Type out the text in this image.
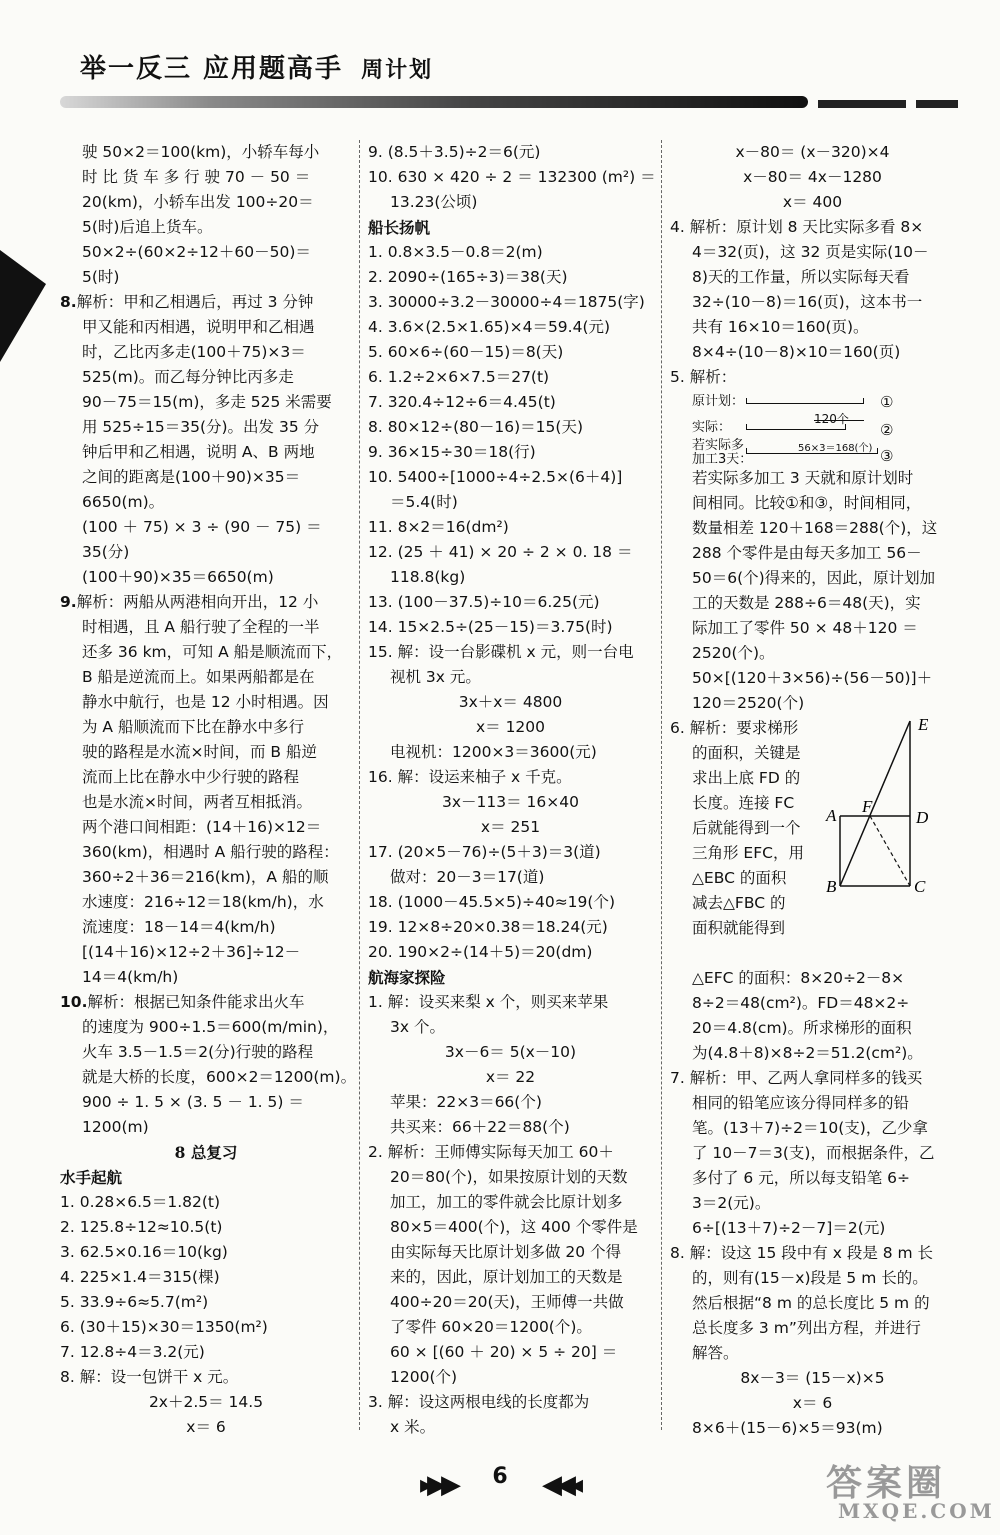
举一反三 应用题高手 周计划
驶 50×2＝100(km)，小轿车每小
时 比 货 车 多 行 驶 70 － 50 ＝
20(km)，小轿车出发 100÷20＝
5(时)后追上货车。
50×2÷(60×2÷12＋60－50)＝
5(时)
8.解析：甲和乙相遇后，再过 3 分钟
甲又能和丙相遇，说明甲和乙相遇
时，乙比丙多走(100＋75)×3＝
525(m)。而乙每分钟比丙多走
90－75＝15(m)，多走 525 米需要
用 525÷15＝35(分)。出发 35 分
钟后甲和乙相遇，说明 A、B 两地
之间的距离是(100＋90)×35＝
6650(m)。
(100 ＋ 75) × 3 ÷ (90 － 75) ＝
35(分)
(100＋90)×35＝6650(m)
9.解析：两船从两港相向开出，12 小
时相遇，且 A 船行驶了全程的一半
还多 36 km，可知 A 船是顺流而下，
B 船是逆流而上。如果两船都是在
静水中航行，也是 12 小时相遇。因
为 A 船顺流而下比在静水中多行
驶的路程是水流×时间，而 B 船逆
流而上比在静水中少行驶的路程
也是水流×时间，两者互相抵消。
两个港口间相距：(14＋16)×12＝
360(km)，相遇时 A 船行驶的路程：
360÷2＋36＝216(km)，A 船的顺
水速度：216÷12＝18(km/h)，水
流速度：18－14＝4(km/h)
[(14＋16)×12÷2＋36]÷12－
14＝4(km/h)
10.解析：根据已知条件能求出火车
的速度为 900÷1.5＝600(m/min)，
火车 3.5－1.5＝2(分)行驶的路程
就是大桥的长度，600×2＝1200(m)。
900 ÷ 1. 5 × (3. 5 － 1. 5) ＝
1200(m)
8 总复习
水手起航
1. 0.28×6.5＝1.82(t)
2. 125.8÷12≈10.5(t)
3. 62.5×0.16＝10(kg)
4. 225×1.4＝315(棵)
5. 33.9÷6≈5.7(m²)
6. (30＋15)×30＝1350(m²)
7. 12.8÷4＝3.2(元)
8. 解：设一包饼干 x 元。
2x＋2.5＝ 14.5
x＝ 6
9. (8.5＋3.5)÷2＝6(元)
10. 630 × 420 ÷ 2 ＝ 132300 (m²) ＝
13.23(公顷)
船长扬帆
1. 0.8×3.5－0.8＝2(m)
2. 2090÷(165÷3)＝38(天)
3. 30000÷3.2－30000÷4＝1875(字)
4. 3.6×(2.5×1.65)×4＝59.4(元)
5. 60×6÷(60－15)＝8(天)
6. 1.2÷2×6×7.5＝27(t)
7. 320.4÷12÷6＝4.45(t)
8. 80×12÷(80－16)＝15(天)
9. 36×15÷30＝18(行)
10. 5400÷[1000÷4÷2.5×(6＋4)]
＝5.4(时)
11. 8×2＝16(dm²)
12. (25 ＋ 41) × 20 ÷ 2 × 0. 18 ＝
118.8(kg)
13. (100－37.5)÷10＝6.25(元)
14. 15×2.5÷(25－15)＝3.75(时)
15. 解：设一台影碟机 x 元，则一台电
视机 3x 元。
3x＋x＝ 4800
x＝ 1200
电视机：1200×3＝3600(元)
16. 解：设运来柚子 x 千克。
3x－113＝ 16×40
x＝ 251
17. (20×5－76)÷(5＋3)＝3(道)
做对：20－3＝17(道)
18. (1000－45.5×5)÷40≈19(个)
19. 12×8÷20×0.38＝18.24(元)
20. 190×2÷(14＋5)＝20(dm)
航海家探险
1. 解：设买来梨 x 个，则买来苹果
3x 个。
3x－6＝ 5(x－10)
x＝ 22
苹果：22×3＝66(个)
共买来：66＋22＝88(个)
2. 解析：王师傅实际每天加工 60＋
20＝80(个)，如果按原计划的天数
加工，加工的零件就会比原计划多
80×5＝400(个)，这 400 个零件是
由实际每天比原计划多做 20 个得
来的，因此，原计划加工的天数是
400÷20＝20(天)，王师傅一共做
了零件 60×20＝1200(个)。
60 × [(60 ＋ 20) × 5 ÷ 20] ＝
1200(个)
3. 解：设这两根电线的长度都为
x 米。
x－80＝ (x－320)×4
x－80＝ 4x－1280
x＝ 400
4. 解析：原计划 8 天比实际多看 8×
4＝32(页)，这 32 页是实际(10－
8)天的工作量，所以实际每天看
32÷(10－8)＝16(页)，这本书一
共有 16×10＝160(页)。
8×4÷(10－8)×10＝160(页)
5. 解析：
原计划：	①
120个
实际：	②
若实际多	56×3＝168(个)
加工3天：	③
若实际多加工 3 天就和原计划时
间相同。比较①和③，时间相同，
数量相差 120＋168＝288(个)，这
288 个零件是由每天多加工 56－
50＝6(个)得来的，因此，原计划加
工的天数是 288÷6＝48(天)，实
际加工了零件 50 × 48＋120 ＝
2520(个)。
50×[(120＋3×56)÷(56－50)]＋
120＝2520(个)
6. 解析：要求梯形
的面积，关键是
求出上底 FD 的
长度。连接 FC
后就能得到一个
三角形 EFC，用
△EBC 的面积
减去△FBC 的
面积就能得到
E
A F
D
B	C
△EFC 的面积：8×20÷2－8×
8÷2＝48(cm²)。FD＝48×2÷
20＝4.8(cm)。所求梯形的面积
为(4.8＋8)×8÷2＝51.2(cm²)。
7. 解析：甲、乙两人拿同样多的钱买
相同的铅笔应该分得同样多的铅
笔。(13＋7)÷2＝10(支)，乙少拿
了 10－7＝3(支)，而根据条件，乙
多付了 6 元，所以每支铅笔 6÷
3＝2(元)。
6÷[(13＋7)÷2－7]＝2(元)
8. 解：设这 15 段中有 x 段是 8 m 长
的，则有(15－x)段是 5 m 长的。
然后根据“8 m 的总长度比 5 m 的
总长度多 3 m”列出方程，并进行
解答。
8x－3＝ (15－x)×5
x＝ 6
8×6＋(15－6)×5＝93(m)
▸▶▶	6	◀◀◂	答案圈
MXQE.COM
